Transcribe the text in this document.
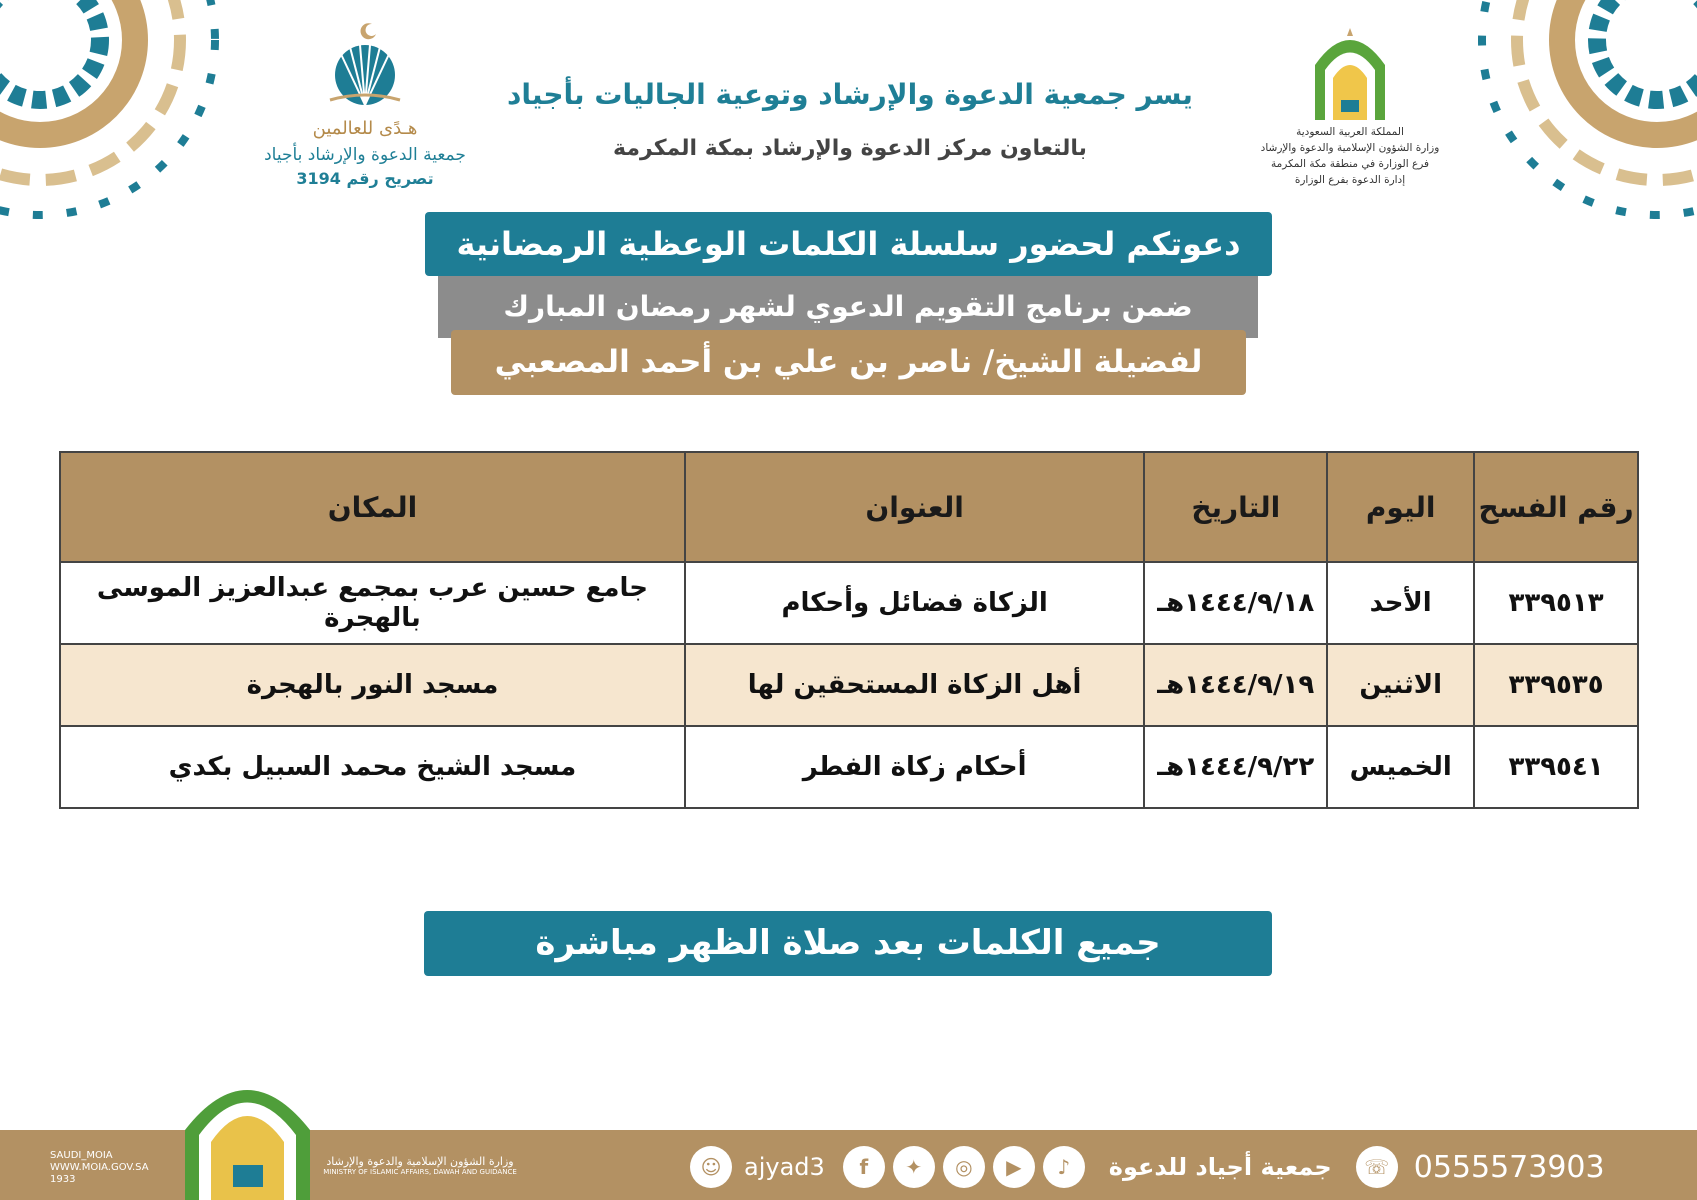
هـدًى للعالمين
جمعية الدعوة والإرشاد بأجياد
تصريح رقم 3194
المملكة العربية السعودية
وزارة الشؤون الإسلامية والدعوة والإرشاد
فرع الوزارة في منطقة مكة المكرمة
إدارة الدعوة بفرع الوزارة
يسر جمعية الدعوة والإرشاد وتوعية الجاليات بأجياد
بالتعاون مركز الدعوة والإرشاد بمكة المكرمة
ضمن برنامج التقويم الدعوي لشهر رمضان المبارك
دعوتكم لحضور سلسلة الكلمات الوعظية الرمضانية
لفضيلة الشيخ/ ناصر بن علي بن أحمد المصعبي
رقم الفسح	اليوم	التاريخ	العنوان	المكان
٣٣٩٥١٣	الأحد	١٤٤٤/٩/١٨هـ	الزكاة فضائل وأحكام	جامع حسين عرب بمجمع عبدالعزيز الموسى بالهجرة
٣٣٩٥٣٥	الاثنين	١٤٤٤/٩/١٩هـ	أهل الزكاة المستحقين لها	مسجد النور بالهجرة
٣٣٩٥٤١	الخميس	١٤٤٤/٩/٢٢هـ	أحكام زكاة الفطر	مسجد الشيخ محمد السبيل بكدي
جميع الكلمات بعد صلاة الظهر مباشرة
SAUDI_MOIA
WWW.MOIA.GOV.SA
1933
وزارة الشؤون الإسلامية والدعوة والإرشاد
MINISTRY OF ISLAMIC AFFAIRS, DAWAH AND GUIDANCE	☺ ajyad3	f	✦	◎	▶	♪	جمعية أجياد للدعوة	☏ 0555573903
